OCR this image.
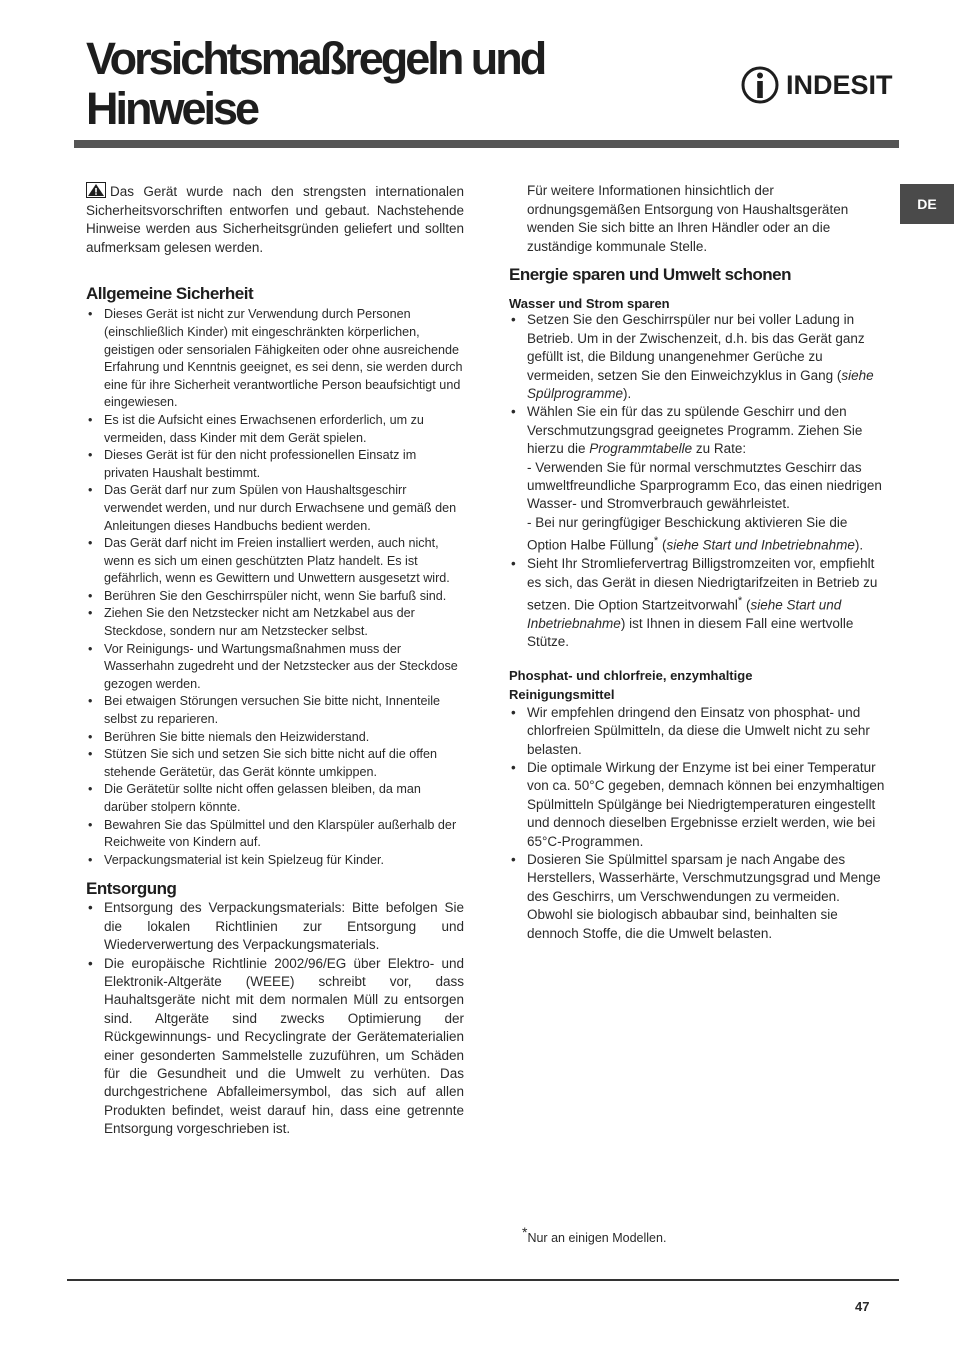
Vorsichtsmaßregeln und
Hinweise	INDESIT
DE

Das Gerät wurde nach den strengsten internationalen Sicherheitsvorschriften entworfen und gebaut. Nachstehende Hinweise werden aus Sicherheitsgründen geliefert und sollten aufmerksam gelesen werden.

Allgemeine Sicherheit
• Dieses Gerät ist nicht zur Verwendung durch Personen (einschließlich Kinder) mit eingeschränkten körperlichen, geistigen oder sensorialen Fähigkeiten oder ohne ausreichende Erfahrung und Kenntnis geeignet, es sei denn, sie werden durch eine für ihre Sicherheit verantwortliche Person beaufsichtigt und eingewiesen.
• Es ist die Aufsicht eines Erwachsenen erforderlich, um zu vermeiden, dass Kinder mit dem Gerät spielen.
• Dieses Gerät ist für den nicht professionellen Einsatz im privaten Haushalt bestimmt.
• Das Gerät darf nur zum Spülen von Haushaltsgeschirr verwendet werden, und nur durch Erwachsene und gemäß den Anleitungen dieses Handbuchs bedient werden.
• Das Gerät darf nicht im Freien installiert werden, auch nicht, wenn es sich um einen geschützten Platz handelt. Es ist gefährlich, wenn es Gewittern und Unwettern ausgesetzt wird.
• Berühren Sie den Geschirrspüler nicht, wenn Sie barfuß sind.
• Ziehen Sie den Netzstecker nicht am Netzkabel aus der Steckdose, sondern nur am Netzstecker selbst.
• Vor Reinigungs- und Wartungsmaßnahmen muss der Wasserhahn zugedreht und der Netzstecker aus der Steckdose gezogen werden.
• Bei etwaigen Störungen versuchen Sie bitte nicht, Innenteile selbst zu reparieren.
• Berühren Sie bitte niemals den Heizwiderstand.
• Stützen Sie sich und setzen Sie sich bitte nicht auf die offen stehende Gerätetür, das Gerät könnte umkippen.
• Die Gerätetür sollte nicht offen gelassen bleiben, da man darüber stolpern könnte.
• Bewahren Sie das Spülmittel und den Klarspüler außerhalb der Reichweite von Kindern auf.
• Verpackungsmaterial ist kein Spielzeug für Kinder.
Entsorgung
• Entsorgung des Verpackungsmaterials: Bitte befolgen Sie die lokalen Richtlinien zur Entsorgung und Wiederverwertung des Verpackungsmaterials.
• Die europäische Richtlinie 2002/96/EG über Elektro- und Elektronik-Altgeräte (WEEE) schreibt vor, dass Hauhaltsgeräte nicht mit dem normalen Müll zu entsorgen sind. Altgeräte sind zwecks Optimierung der Rückgewinnungs- und Recyclingrate der Gerätematerialien einer gesonderten Sammelstelle zuzuführen, um Schäden für die Gesundheit und die Umwelt zu verhüten. Das durchgestrichene Abfalleimersymbol, das sich auf allen Produkten befindet, weist darauf hin, dass eine getrennte Entsorgung vorgeschrieben ist.

Für weitere Informationen hinsichtlich der ordnungsgemäßen Entsorgung von Haushaltsgeräten wenden Sie sich bitte an Ihren Händler oder an die zuständige kommunale Stelle.

Energie sparen und Umwelt schonen
Wasser und Strom sparen
• Setzen Sie den Geschirrspüler nur bei voller Ladung in Betrieb. Um in der Zwischenzeit, d.h. bis das Gerät ganz gefüllt ist, die Bildung unangenehmer Gerüche zu vermeiden, setzen Sie den Einweichzyklus in Gang (siehe Spülprogramme).
• Wählen Sie ein für das zu spülende Geschirr und den Verschmutzungsgrad geeignetes Programm. Ziehen Sie hierzu die Programmtabelle zu Rate:
- Verwenden Sie für normal verschmutztes Geschirr das umweltfreundliche Sparprogramm Eco, das einen niedrigen Wasser- und Stromverbrauch gewährleistet.
- Bei nur geringfügiger Beschickung aktivieren Sie die Option Halbe Füllung* (siehe Start und Inbetriebnahme).
• Sieht Ihr Stromliefervertrag Billigstromzeiten vor, empfiehlt es sich, das Gerät in diesen Niedrigtarifzeiten in Betrieb zu setzen. Die Option Startzeitvorwahl* (siehe Start und Inbetriebnahme) ist Ihnen in diesem Fall eine wertvolle Stütze.
Phosphat- und chlorfreie, enzymhaltige
Reinigungsmittel
• Wir empfehlen dringend den Einsatz von phosphat- und chlorfreien Spülmitteln, da diese die Umwelt nicht zu sehr belasten.
• Die optimale Wirkung der Enzyme ist bei einer Temperatur von ca. 50°C gegeben, demnach können bei enzymhaltigen Spülmitteln Spülgänge bei Niedrigtemperaturen eingestellt und dennoch dieselben Ergebnisse erzielt werden, wie bei 65°C-Programmen.
• Dosieren Sie Spülmittel sparsam je nach Angabe des Herstellers, Wasserhärte, Verschmutzungsgrad und Menge des Geschirrs, um Verschwendungen zu vermeiden. Obwohl sie biologisch abbaubar sind, beinhalten sie dennoch Stoffe, die die Umwelt belasten.
*Nur an einigen Modellen.
47
